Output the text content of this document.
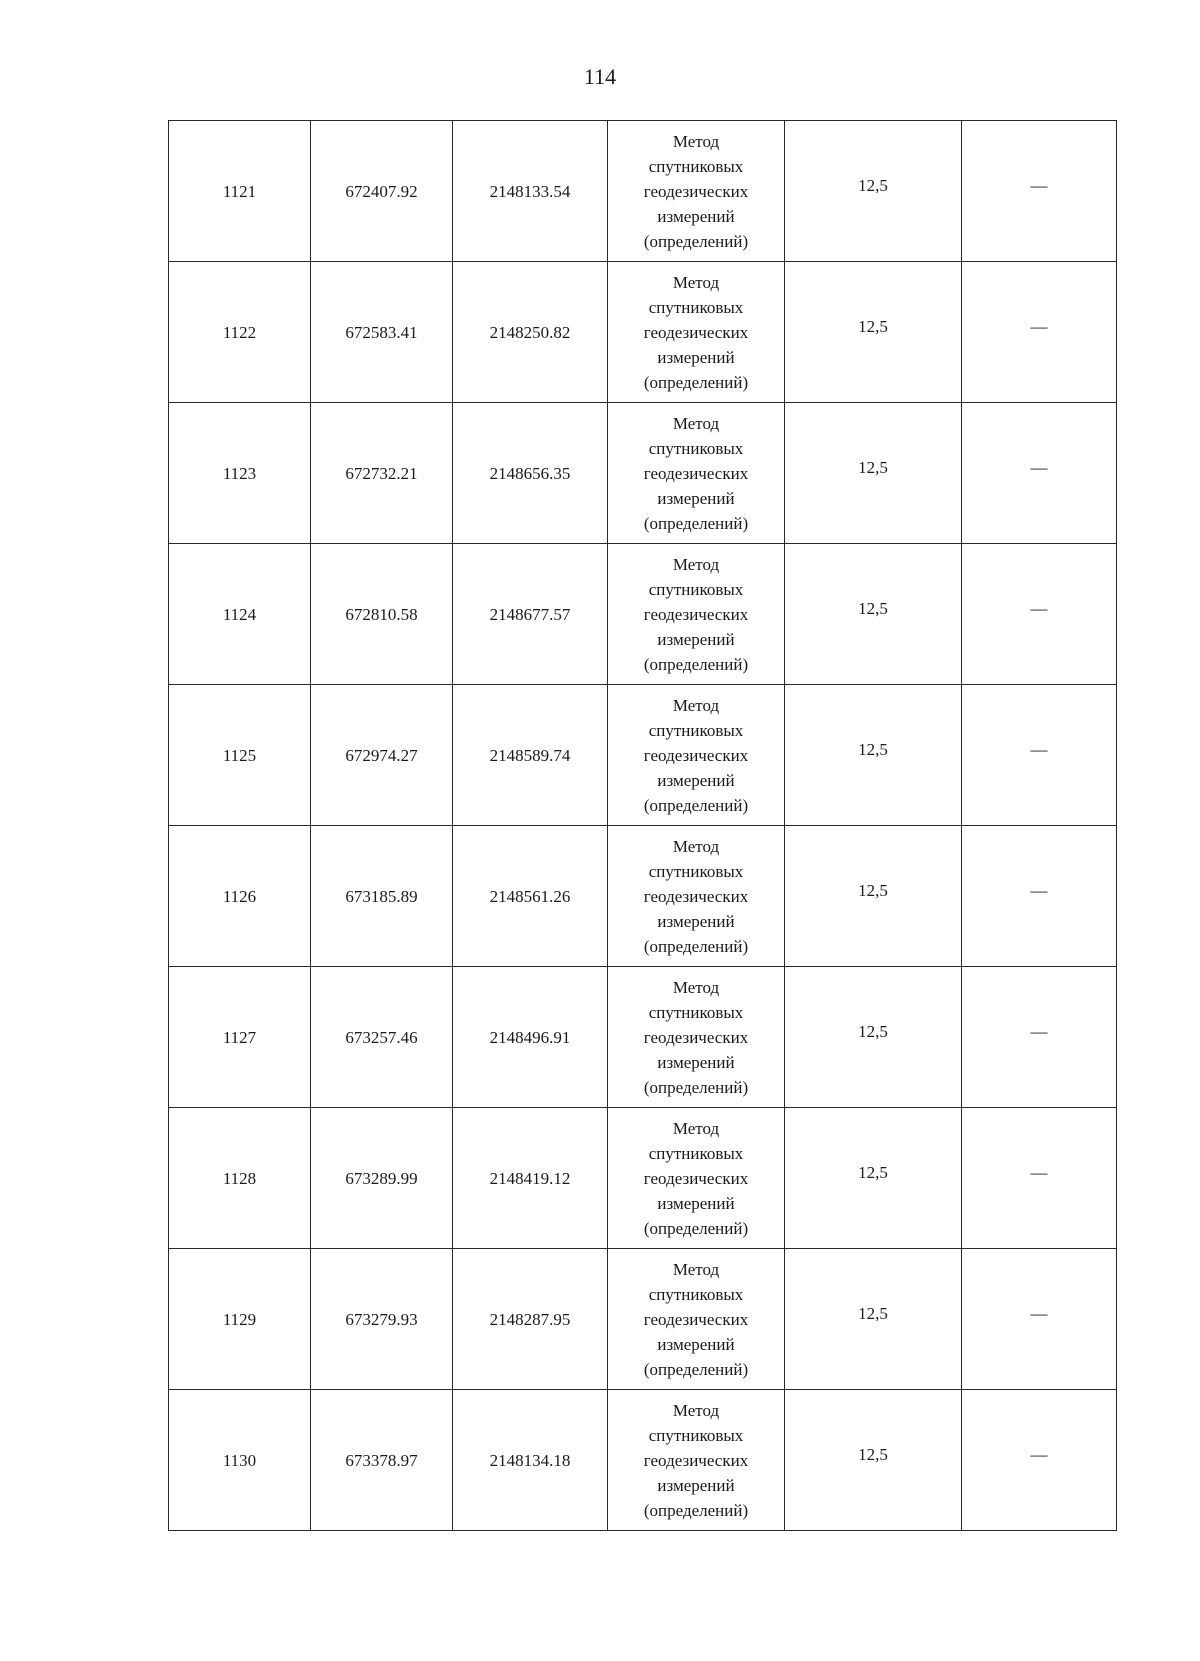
114
1121	672407.92	2148133.54	Метод
спутниковых
геодезических
измерений
(определений)	12,5	—
1122	672583.41	2148250.82	Метод
спутниковых
геодезических
измерений
(определений)	12,5	—
1123	672732.21	2148656.35	Метод
спутниковых
геодезических
измерений
(определений)	12,5	—
1124	672810.58	2148677.57	Метод
спутниковых
геодезических
измерений
(определений)	12,5	—
1125	672974.27	2148589.74	Метод
спутниковых
геодезических
измерений
(определений)	12,5	—
1126	673185.89	2148561.26	Метод
спутниковых
геодезических
измерений
(определений)	12,5	—
1127	673257.46	2148496.91	Метод
спутниковых
геодезических
измерений
(определений)	12,5	—
1128	673289.99	2148419.12	Метод
спутниковых
геодезических
измерений
(определений)	12,5	—
1129	673279.93	2148287.95	Метод
спутниковых
геодезических
измерений
(определений)	12,5	—
1130	673378.97	2148134.18	Метод
спутниковых
геодезических
измерений
(определений)	12,5	—
